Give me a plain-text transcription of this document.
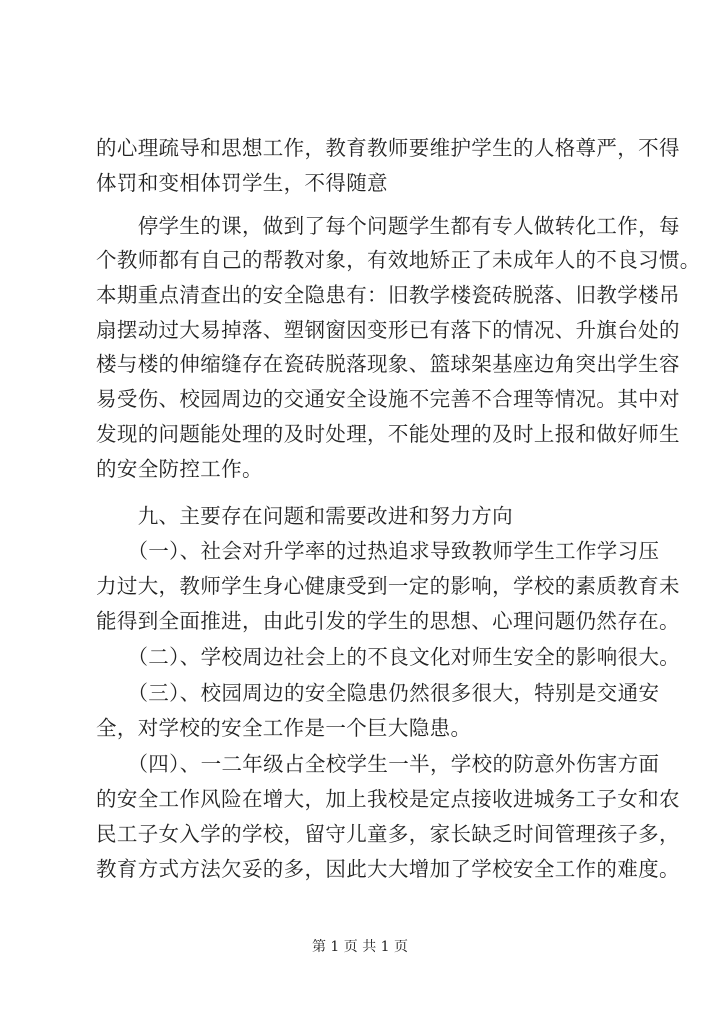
的心理疏导和思想工作，教育教师要维护学生的人格尊严，不得
体罚和变相体罚学生，不得随意
　　停学生的课，做到了每个问题学生都有专人做转化工作，每
个教师都有自己的帮教对象，有效地矫正了未成年人的不良习惯。
本期重点清查出的安全隐患有：旧教学楼瓷砖脱落、旧教学楼吊
扇摆动过大易掉落、塑钢窗因变形已有落下的情况、升旗台处的
楼与楼的伸缩缝存在瓷砖脱落现象、篮球架基座边角突出学生容
易受伤、校园周边的交通安全设施不完善不合理等情况。其中对
发现的问题能处理的及时处理，不能处理的及时上报和做好师生
的安全防控工作。
　　九、主要存在问题和需要改进和努力方向
　　（一）、社会对升学率的过热追求导致教师学生工作学习压
力过大，教师学生身心健康受到一定的影响，学校的素质教育未
能得到全面推进，由此引发的学生的思想、心理问题仍然存在。
　　（二）、学校周边社会上的不良文化对师生安全的影响很大。
　　（三）、校园周边的安全隐患仍然很多很大，特别是交通安
全，对学校的安全工作是一个巨大隐患。
　　（四）、一二年级占全校学生一半，学校的防意外伤害方面
的安全工作风险在增大，加上我校是定点接收进城务工子女和农
民工子女入学的学校，留守儿童多，家长缺乏时间管理孩子多，
教育方式方法欠妥的多，因此大大增加了学校安全工作的难度。
第 1 页 共 1 页
